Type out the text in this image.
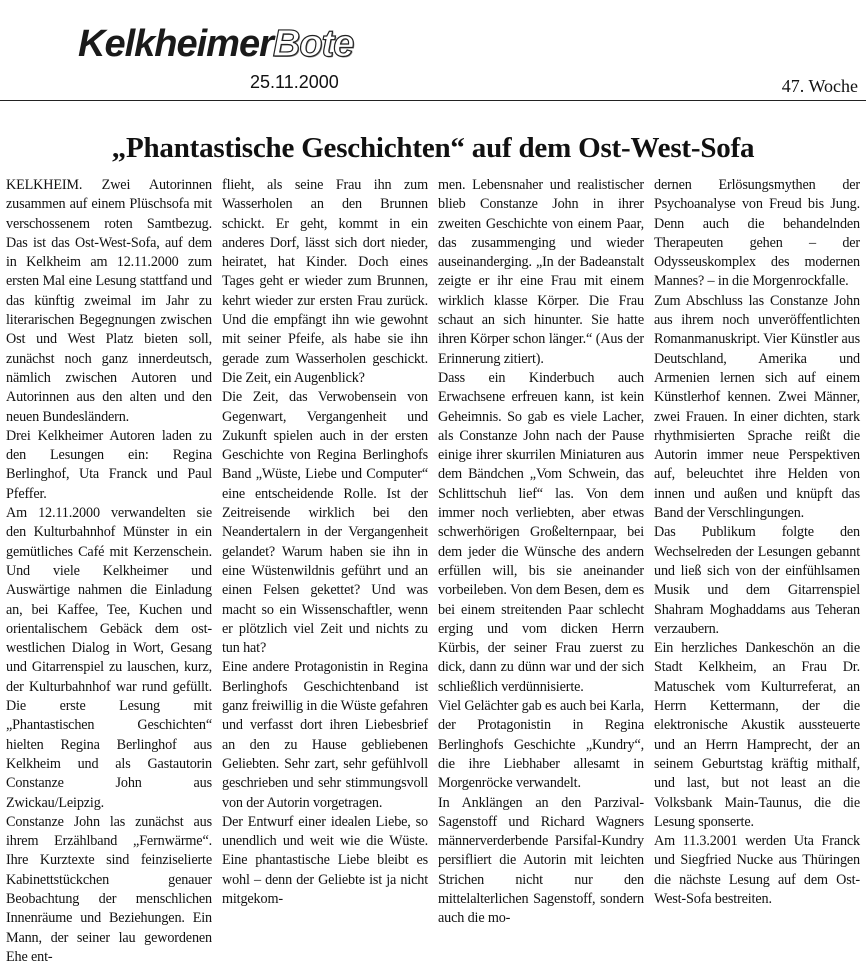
KelkheimerBote
25.11.2000	47. Woche
„Phantastische Geschichten“ auf dem Ost-West-Sofa

KELKHEIM. Zwei Autorinnen zusammen auf einem Plüschsofa mit verschossenem roten Samtbezug. Das ist das Ost-West-Sofa, auf dem in Kelkheim am 12.11.2000 zum ersten Mal eine Lesung stattfand und das künftig zweimal im Jahr zu literarischen Begegnungen zwischen Ost und West Platz bieten soll, zunächst noch ganz innerdeutsch, nämlich zwischen Autoren und Autorinnen aus den alten und den neuen Bundesländern.

Drei Kelkheimer Autoren laden zu den Lesungen ein: Regina Berlinghof, Uta Franck und Paul Pfeffer.

Am 12.11.2000 verwandelten sie den Kulturbahnhof Münster in ein gemütliches Café mit Kerzenschein. Und viele Kelkheimer und Auswärtige nahmen die Einladung an, bei Kaffee, Tee, Kuchen und orientalischem Gebäck dem ost-westlichen Dialog in Wort, Gesang und Gitarrenspiel zu lauschen, kurz, der Kulturbahnhof war rund gefüllt. Die erste Lesung mit „Phantastischen Geschichten“ hielten Regina Berlinghof aus Kelkheim und als Gastautorin Constanze John aus Zwickau/Leipzig.

Constanze John las zunächst aus ihrem Erzählband „Fernwärme“. Ihre Kurztexte sind feinziselierte Kabinettstückchen genauer Beobachtung der menschlichen Innenräume und Beziehungen. Ein Mann, der seiner lau gewordenen Ehe ent-

flieht, als seine Frau ihn zum Wasserholen an den Brunnen schickt. Er geht, kommt in ein anderes Dorf, lässt sich dort nieder, heiratet, hat Kinder. Doch eines Tages geht er wieder zum Brunnen, kehrt wieder zur ersten Frau zurück. Und die empfängt ihn wie gewohnt mit seiner Pfeife, als habe sie ihn gerade zum Wasserholen geschickt. Die Zeit, ein Augenblick?

Die Zeit, das Verwobensein von Gegenwart, Vergangenheit und Zukunft spielen auch in der ersten Geschichte von Regina Berlinghofs Band „Wüste, Liebe und Computer“ eine entscheidende Rolle. Ist der Zeitreisende wirklich bei den Neandertalern in der Vergangenheit gelandet? Warum haben sie ihn in eine Wüstenwildnis geführt und an einen Felsen gekettet? Und was macht so ein Wissenschaftler, wenn er plötzlich viel Zeit und nichts zu tun hat?

Eine andere Protagonistin in Regina Berlinghofs Geschichtenband ist ganz freiwillig in die Wüste gefahren und verfasst dort ihren Liebesbrief an den zu Hause gebliebenen Geliebten. Sehr zart, sehr gefühlvoll geschrieben und sehr stimmungsvoll von der Autorin vorgetragen.

Der Entwurf einer idealen Liebe, so unendlich und weit wie die Wüste. Eine phantastische Liebe bleibt es wohl – denn der Geliebte ist ja nicht mitgekom-

men. Lebensnaher und realistischer blieb Constanze John in ihrer zweiten Geschichte von einem Paar, das zusammenging und wieder auseinanderging. „In der Badeanstalt zeigte er ihr eine Frau mit einem wirklich klasse Körper. Die Frau schaut an sich hinunter. Sie hatte ihren Körper schon länger.“ (Aus der Erinnerung zitiert).

Dass ein Kinderbuch auch Erwachsene erfreuen kann, ist kein Geheimnis. So gab es viele Lacher, als Constanze John nach der Pause einige ihrer skurrilen Miniaturen aus dem Bändchen „Vom Schwein, das Schlittschuh lief“ las. Von dem immer noch verliebten, aber etwas schwerhörigen Großelternpaar, bei dem jeder die Wünsche des andern erfüllen will, bis sie aneinander vorbeileben. Von dem Besen, dem es bei einem streitenden Paar schlecht erging und vom dicken Herrn Kürbis, der seiner Frau zuerst zu dick, dann zu dünn war und der sich schließlich verdünnisierte.

Viel Gelächter gab es auch bei Karla, der Protagonistin in Regina Berlinghofs Geschichte „Kundry“, die ihre Liebhaber allesamt in Morgenröcke verwandelt.

In Anklängen an den Parzival-Sagenstoff und Richard Wagners männerverderbende Parsifal-Kundry persifliert die Autorin mit leichten Strichen nicht nur den mittelalterlichen Sagenstoff, sondern auch die mo-

dernen Erlösungsmythen der Psychoanalyse von Freud bis Jung. Denn auch die behandelnden Therapeuten gehen – der Odysseuskomplex des modernen Mannes? – in die Morgenrockfalle.

Zum Abschluss las Constanze John aus ihrem noch unveröffentlichten Romanmanuskript. Vier Künstler aus Deutschland, Amerika und Armenien lernen sich auf einem Künstlerhof kennen. Zwei Männer, zwei Frauen. In einer dichten, stark rhythmisierten Sprache reißt die Autorin immer neue Perspektiven auf, beleuchtet ihre Helden von innen und außen und knüpft das Band der Verschlingungen.

Das Publikum folgte den Wechselreden der Lesungen gebannt und ließ sich von der einfühlsamen Musik und dem Gitarrenspiel Shahram Moghaddams aus Teheran verzaubern.

Ein herzliches Dankeschön an die Stadt Kelkheim, an Frau Dr. Matuschek vom Kulturreferat, an Herrn Kettermann, der die elektronische Akustik aussteuerte und an Herrn Hamprecht, der an seinem Geburtstag kräftig mithalf, und last, but not least an die Volksbank Main-Taunus, die die Lesung sponserte.

Am 11.3.2001 werden Uta Franck und Siegfried Nucke aus Thüringen die nächste Lesung auf dem Ost-West-Sofa bestreiten.
